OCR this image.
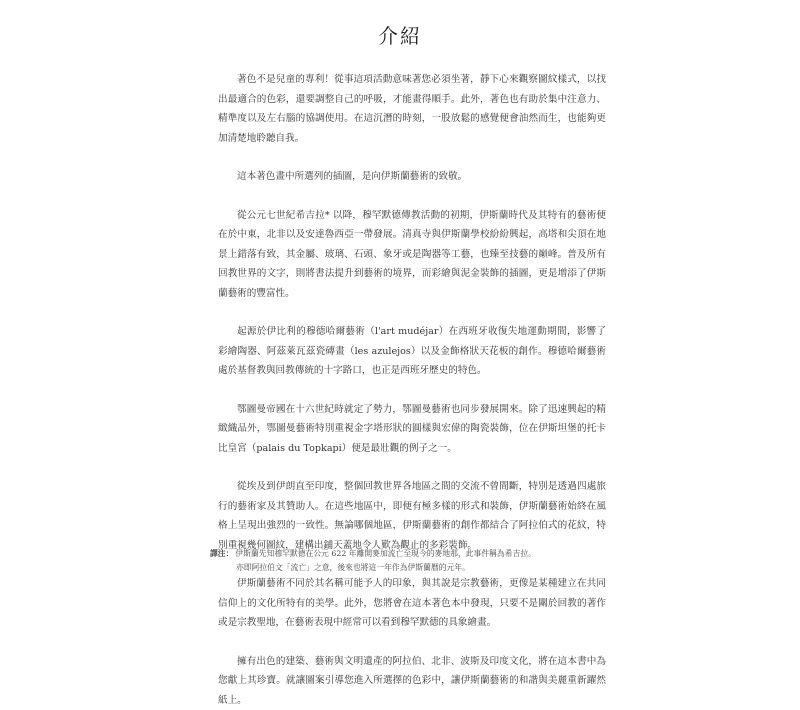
介紹

著色不是兒童的專利！從事這項活動意味著您必須坐著，靜下心來觀察圖紋樣式，以找出最適合的色彩，還要調整自己的呼吸，才能畫得順手。此外，著色也有助於集中注意力、精準度以及左右腦的協調使用。在這沉潛的時刻，一股放鬆的感覺便會油然而生，也能夠更加清楚地聆聽自我。

這本著色畫中所選列的插圖，是向伊斯蘭藝術的致敬。

從公元七世紀希吉拉* 以降，穆罕默德傳教活動的初期，伊斯蘭時代及其特有的藝術便在於中東，北非以及安達魯西亞一帶發展。清真寺與伊斯蘭學校紛紛興起，高塔和尖頂在地景上錯落有致，其金屬、玻璃、石頭、象牙或是陶器等工藝，也臻至技藝的巔峰。普及所有回教世界的文字，則將書法提升到藝術的境界，而彩繪與泥金裝飾的插圖，更是增添了伊斯蘭藝術的豐富性。

起源於伊比利的穆德哈爾藝術（l'art mudéjar）在西班牙收復失地運動期間，影響了彩繪陶器、阿茲萊瓦茲瓷磚畫（les azulejos）以及金飾格狀天花板的創作。穆德哈爾藝術處於基督教與回教傳統的十字路口，也正是西班牙歷史的特色。

鄂圖曼帝國在十六世紀時就定了勢力，鄂圖曼藝術也同步發展開來。除了迅速興起的精緻織品外，鄂圖曼藝術特別重視金字塔形狀的圓樣與宏偉的陶瓷裝飾，位在伊斯坦堡的托卡比皇宮（palais du Topkapi）便是最壯觀的例子之一。

從埃及到伊朗直至印度，整個回教世界各地區之間的交流不曾間斷，特別是透過四處旅行的藝術家及其贊助人。在這些地區中，即便有極多樣的形式和裝飾，伊斯蘭藝術始終在風格上呈現出強烈的一致性。無論哪個地區，伊斯蘭藝術的創作都結合了阿拉伯式的花紋，特別重視幾何圖紋，建構出鋪天蓋地令人歎為觀止的多彩裝飾。

伊斯蘭藝術不同於其名稱可能予人的印象，與其說是宗教藝術，更像是某種建立在共同信仰上的文化所特有的美學。此外，您將會在這本著色本中發現，只要不是關於回教的著作或是宗教聖地，在藝術表現中經常可以看到穆罕默德的具象繪畫。

擁有出色的建築、藝術與文明遺產的阿拉伯、北非、波斯及印度文化，將在這本書中為您獻上其珍寶。就讓圖案引導您進入所選擇的色彩中，讓伊斯蘭藝術的和諧與美麗重新躍然紙上。

譯注： 伊斯蘭先知穆罕默德在公元 622 年離開麥加流亡至現今的麥地那，此事件稱為希吉拉。
亦即阿拉伯文「流亡」之意，後來也將這一年作為伊斯蘭曆的元年。
